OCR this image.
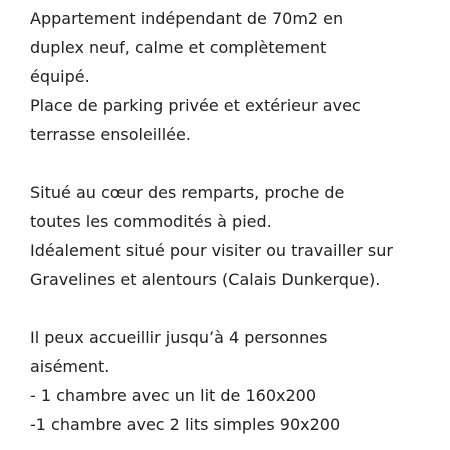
Appartement indépendant de 70m2 en
duplex neuf, calme et complètement
équipé.
Place de parking privée et extérieur avec
terrasse ensoleillée.

Situé au cœur des remparts, proche de
toutes les commodités à pied.
Idéalement situé pour visiter ou travailler sur
Gravelines et alentours (Calais Dunkerque).

Il peux accueillir jusqu’à 4 personnes
aisément.
- 1 chambre avec un lit de 160x200
-1 chambre avec 2 lits simples 90x200
